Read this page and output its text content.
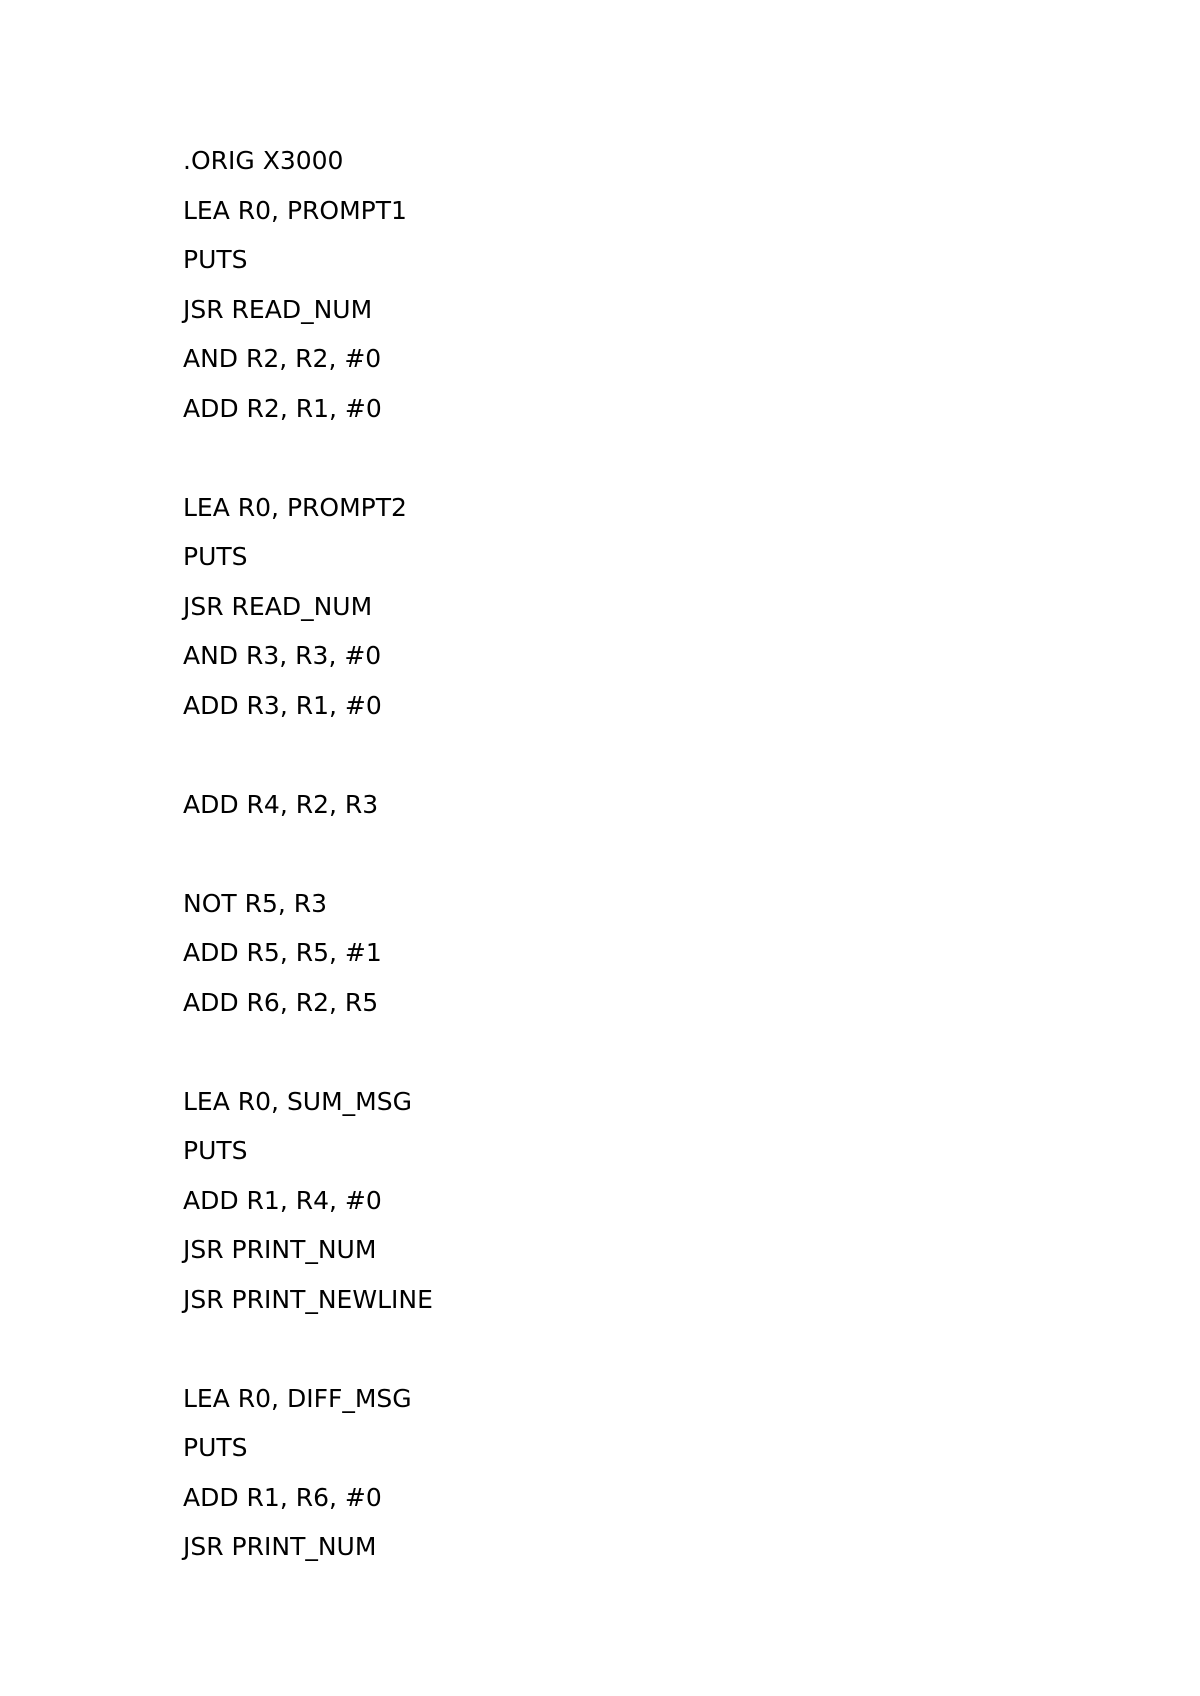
.ORIG X3000
LEA R0, PROMPT1
PUTS
JSR READ_NUM
AND R2, R2, #0
ADD R2, R1, #0
LEA R0, PROMPT2
PUTS
JSR READ_NUM
AND R3, R3, #0
ADD R3, R1, #0
ADD R4, R2, R3
NOT R5, R3
ADD R5, R5, #1
ADD R6, R2, R5
LEA R0, SUM_MSG
PUTS
ADD R1, R4, #0
JSR PRINT_NUM
JSR PRINT_NEWLINE
LEA R0, DIFF_MSG
PUTS
ADD R1, R6, #0
JSR PRINT_NUM
